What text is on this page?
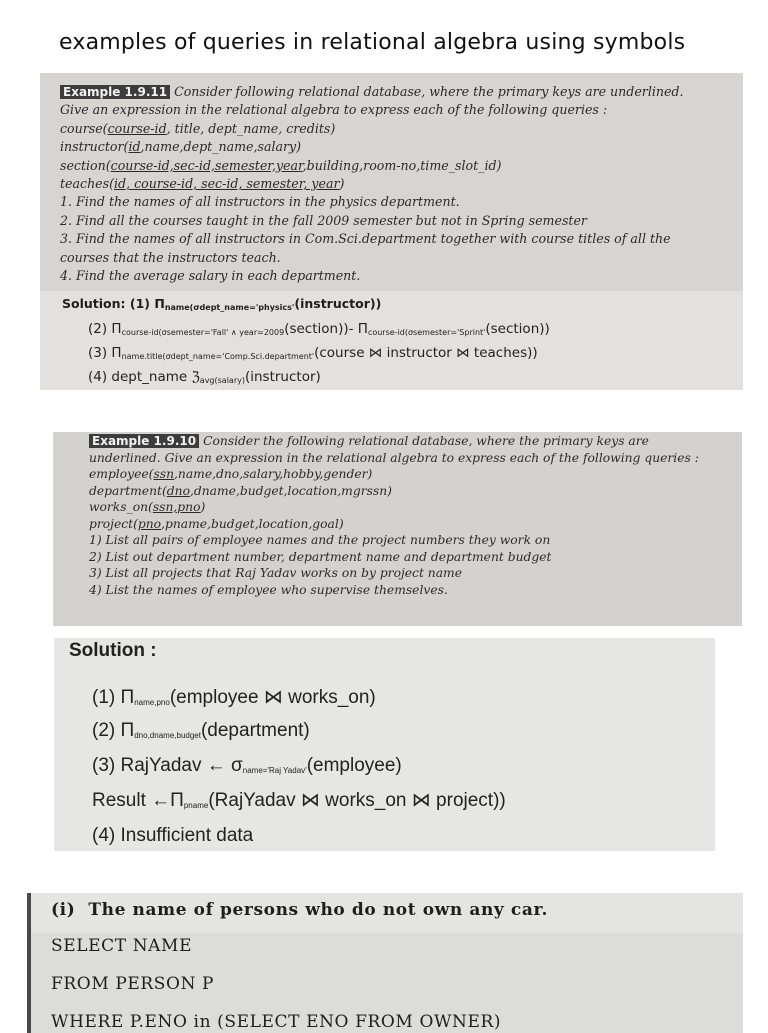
examples of queries in relational algebra using symbols
Example 1.9.11 Consider following relational database, where the primary keys are underlined.
Give an expression in the relational algebra to express each of the following queries :
course(course-id, title, dept_name, credits)
instructor(id,name,dept_name,salary)
section(course-id,sec-id,semester,year,building,room-no,time_slot_id)
teaches(id, course-id, sec-id, semester, year)
1. Find the names of all instructors in the physics department.
2. Find all the courses taught in the fall 2009 semester but not in Spring semester
3. Find the names of all instructors in Com.Sci.department together with course titles of all the
courses that the instructors teach.
4. Find the average salary in each department.
Solution: (1) $\Pi_{name(\sigma dept\_name='physics'}(instructor)$)
(2) $\Pi_{course-id(\sigma semester='Fall' \wedge year=2009}(section))-$ $\Pi_{course-id(\sigma semester='Sprint'}(section)$)
(3) $\Pi_{name.title(\sigma dept\_name='Comp.Sci.department'}(course$ ⋈ instructor ⋈ teaches))
(4) dept_name ℨ$_{avg(salary)}$(instructor)
Example 1.9.10 Consider the following relational database, where the primary keys are
underlined. Give an expression in the relational algebra to express each of the following queries :
employee(ssn,name,dno,salary,hobby,gender)
department(dno,dname,budget,location,mgrssn)
works_on(ssn,pno)
project(pno,pname,budget,location,goal)
1) List all pairs of employee names and the project numbers they work on
2) List out department number, department name and department budget
3) List all projects that Raj Yadav works on by project name
4) List the names of employee who supervise themselves.
Solution :
(1) $\Pi_{name,pno}(employee$ ⋈ works_on)
(2) $\Pi_{dno,dname,budget}(department)$
(3) RajYadav ← $\sigma_{name='Raj Yadav'}(employee)$
Result $\leftarrow\Pi_{pname}(RajYadav$ ⋈ works_on ⋈ project))
(4) Insufficient data
(i) The name of persons who do not own any car.
SELECT NAME
FROM PERSON P
WHERE P.ENO in (SELECT ENO FROM OWNER)
